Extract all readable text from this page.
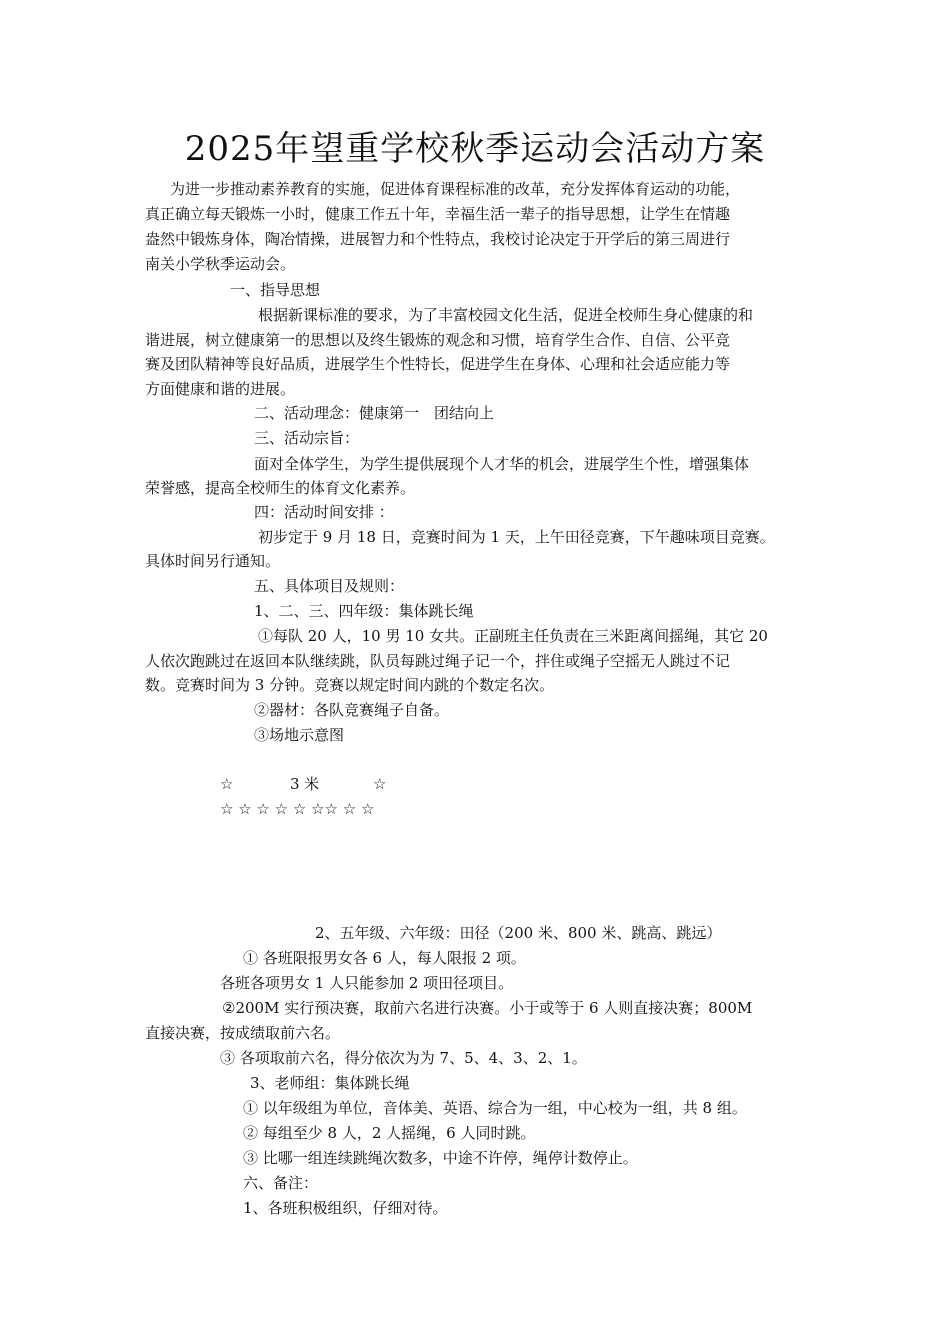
2025年望重学校秋季运动会活动方案

为进一步推动素养教育的实施，促进体育课程标准的改革，充分发挥体育运动的功能，

真正确立每天锻炼一小时，健康工作五十年，幸福生活一辈子的指导思想，让学生在情趣

盎然中锻炼身体，陶冶情操，进展智力和个性特点，我校讨论决定于开学后的第三周进行

南关小学秋季运动会。

一、指导思想

根据新课标准的要求，为了丰富校园文化生活，促进全校师生身心健康的和

谐进展，树立健康第一的思想以及终生锻炼的观念和习惯，培育学生合作、自信、公平竞

赛及团队精神等良好品质，进展学生个性特长，促进学生在身体、心理和社会适应能力等

方面健康和谐的进展。

二、活动理念：健康第一　团结向上

三、活动宗旨：

面对全体学生，为学生提供展现个人才华的机会，进展学生个性，增强集体

荣誉感，提高全校师生的体育文化素养。

四：活动时间安排 ：

初步定于 9 月 18 日，竞赛时间为 1 天，上午田径竞赛，下午趣味项目竞赛。

具体时间另行通知。

五、具体项目及规则：

1、二、三、四年级：集体跳长绳

①每队 20 人，10 男 10 女共。正副班主任负责在三米距离间摇绳，其它 20

人依次跑跳过在返回本队继续跳，队员每跳过绳子记一个，拌住或绳子空摇无人跳过不记

数。竞赛时间为 3 分钟。竞赛以规定时间内跳的个数定名次。

②器材：各队竞赛绳子自备。

③场地示意图

☆	3 米	☆
☆ ☆ ☆ ☆ ☆ ☆☆ ☆ ☆

2、五年级、六年级：田径（200 米、800 米、跳高、跳远）

① 各班限报男女各 6 人，每人限报 2 项。

各班各项男女 1 人只能参加 2 项田径项目。

②200M 实行预决赛，取前六名进行决赛。小于或等于 6 人则直接决赛；800M

直接决赛，按成绩取前六名。

③ 各项取前六名，得分依次为为 7、5、4、3、2、1。

3、老师组：集体跳长绳

① 以年级组为单位，音体美、英语、综合为一组，中心校为一组，共 8 组。

② 每组至少 8 人，2 人摇绳，6 人同时跳。

③ 比哪一组连续跳绳次数多，中途不许停，绳停计数停止。

六、备注：

1、各班积极组织，仔细对待。
